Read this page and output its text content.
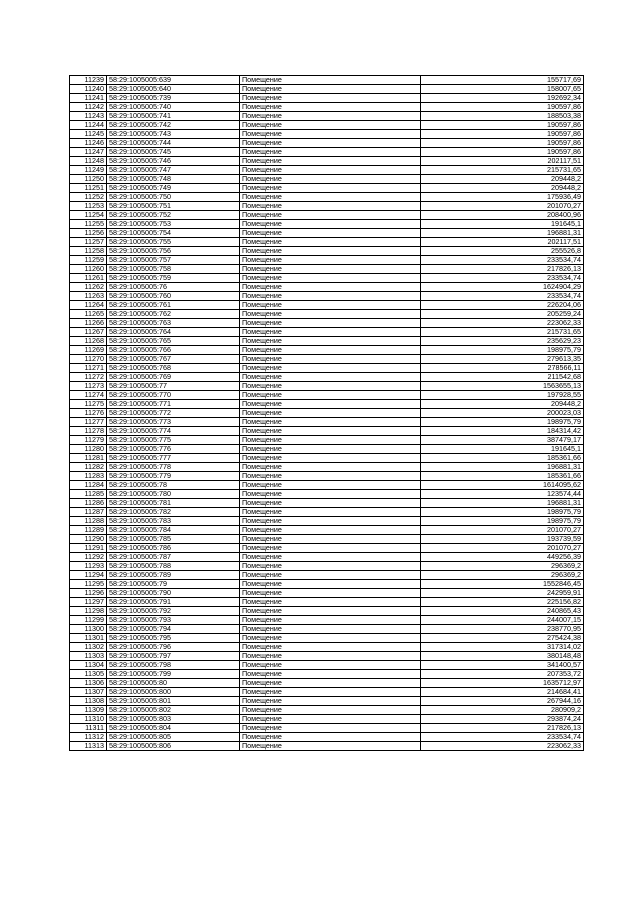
11239	58:29:1005005:639	Помещение	155717,69
11240	58:29:1005005:640	Помещение	158007,65
11241	58:29:1005005:739	Помещение	192692,34
11242	58:29:1005005:740	Помещение	190597,86
11243	58:29:1005005:741	Помещение	188503,38
11244	58:29:1005005:742	Помещение	190597,86
11245	58:29:1005005:743	Помещение	190597,86
11246	58:29:1005005:744	Помещение	190597,86
11247	58:29:1005005:745	Помещение	190597,86
11248	58:29:1005005:746	Помещение	202117,51
11249	58:29:1005005:747	Помещение	215731,65
11250	58:29:1005005:748	Помещение	209448,2
11251	58:29:1005005:749	Помещение	209448,2
11252	58:29:1005005:750	Помещение	175936,49
11253	58:29:1005005:751	Помещение	201070,27
11254	58:29:1005005:752	Помещение	208400,96
11255	58:29:1005005:753	Помещение	191645,1
11256	58:29:1005005:754	Помещение	196881,31
11257	58:29:1005005:755	Помещение	202117,51
11258	58:29:1005005:756	Помещение	255526,8
11259	58:29:1005005:757	Помещение	233534,74
11260	58:29:1005005:758	Помещение	217826,13
11261	58:29:1005005:759	Помещение	233534,74
11262	58:29:1005005:76	Помещение	1624904,29
11263	58:29:1005005:760	Помещение	233534,74
11264	58:29:1005005:761	Помещение	226204,06
11265	58:29:1005005:762	Помещение	205259,24
11266	58:29:1005005:763	Помещение	223062,33
11267	58:29:1005005:764	Помещение	215731,65
11268	58:29:1005005:765	Помещение	235629,23
11269	58:29:1005005:766	Помещение	198975,79
11270	58:29:1005005:767	Помещение	279613,35
11271	58:29:1005005:768	Помещение	278566,11
11272	58:29:1005005:769	Помещение	211542,68
11273	58:29:1005005:77	Помещение	1563655,13
11274	58:29:1005005:770	Помещение	197928,55
11275	58:29:1005005:771	Помещение	209448,2
11276	58:29:1005005:772	Помещение	200023,03
11277	58:29:1005005:773	Помещение	198975,79
11278	58:29:1005005:774	Помещение	184314,42
11279	58:29:1005005:775	Помещение	387479,17
11280	58:29:1005005:776	Помещение	191645,1
11281	58:29:1005005:777	Помещение	185361,66
11282	58:29:1005005:778	Помещение	196881,31
11283	58:29:1005005:779	Помещение	185361,66
11284	58:29:1005005:78	Помещение	1614095,62
11285	58:29:1005005:780	Помещение	123574,44
11286	58:29:1005005:781	Помещение	196881,31
11287	58:29:1005005:782	Помещение	198975,79
11288	58:29:1005005:783	Помещение	198975,79
11289	58:29:1005005:784	Помещение	201070,27
11290	58:29:1005005:785	Помещение	193739,59
11291	58:29:1005005:786	Помещение	201070,27
11292	58:29:1005005:787	Помещение	449256,39
11293	58:29:1005005:788	Помещение	296369,2
11294	58:29:1005005:789	Помещение	296369,2
11295	58:29:1005005:79	Помещение	1552846,45
11296	58:29:1005005:790	Помещение	242959,91
11297	58:29:1005005:791	Помещение	225156,82
11298	58:29:1005005:792	Помещение	240865,43
11299	58:29:1005005:793	Помещение	244007,15
11300	58:29:1005005:794	Помещение	238770,95
11301	58:29:1005005:795	Помещение	275424,38
11302	58:29:1005005:796	Помещение	317314,02
11303	58:29:1005005:797	Помещение	380148,48
11304	58:29:1005005:798	Помещение	341400,57
11305	58:29:1005005:799	Помещение	207353,72
11306	58:29:1005005:80	Помещение	1635712,97
11307	58:29:1005005:800	Помещение	214684,41
11308	58:29:1005005:801	Помещение	267944,16
11309	58:29:1005005:802	Помещение	280909,2
11310	58:29:1005005:803	Помещение	293874,24
11311	58:29:1005005:804	Помещение	217826,13
11312	58:29:1005005:805	Помещение	233534,74
11313	58:29:1005005:806	Помещение	223062,33
